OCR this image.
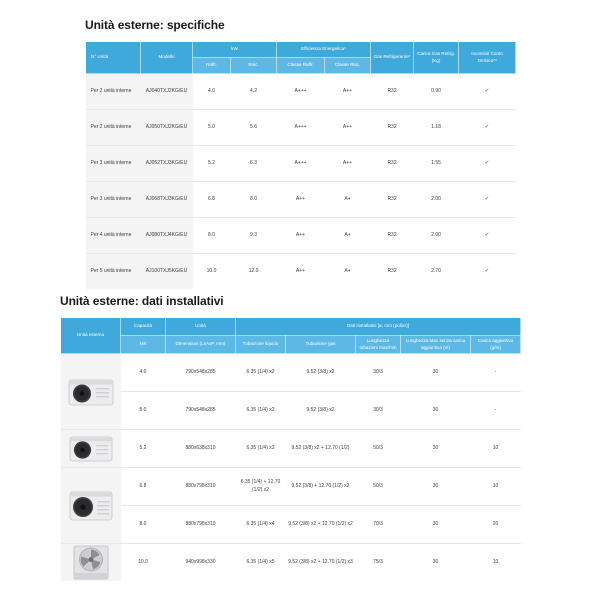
Unità esterne: specifiche
N° Unità	Modello	kW		Efficienza Energetica*		Gas Refrigerante*	Carica Gas Refrig. (Kg)	Incentivi/ Conto Termico**
		Raffr.	Risc.	Classe Raffr.	Classe Risc.			
Per 2 unità interne	AJ040TXJ2KG/EU	4.0	4.2	A+++	A++	R32	0.90	✓
Per 2 unità interne	AJ050TXJ2KG/EU	5.0	5.6	A+++	A++	R32	1.18	✓
Per 3 unità interne	AJ052TXJ3KG/EU	5.2	6.3	A+++	A++	R32	1.55	✓
Per 3 unità interne	AJ068TXJ3KG/EU	6.8	8.0	A++	A+	R32	2.00	✓
Per 4 unità interne	AJ080TXJ4KG/EU	8.0	9.3	A++	A+	R32	2.00	✓
Per 5 unità interne	AJ100TXJ5KG/EU	10.0	12.0	A++	A+	R32	2.70	✓
Unità esterne: dati installativi
Unità esterna	Capacità	Unità	Dati installativi [ø, mm (pollici)]				
	kW	Dimensioni (LxAxP, mm)	Tubazione liquido	Tubazione gas	Lunghezza tubazioni max/min	Lunghezza Max senza carica aggiuntiva (m)	Carica aggiuntiva (g/m)

	4.0	790x548x285	6.35 (1/4) x2	9.52 (3/8) x2	30/3	30	-
	5.0	790x548x285	6.35 (1/4) x2	9.52 (3/8) x2	30/3	30	-

	5.2	880x638x310	6.35 (1/4) x3	9.52 (3/8) x2 + 12.70 (1/2)	50/3	30	10

	6.8	880x798x310	6.35 (1/4) + 12.70 (1/2) x2	9.52 (3/8) + 12.70 (1/2) x2	50/3	30	10
	8.0	880x798x310	6.35 (1/4) x4	9.52 (3/8) x2 + 12.70 (1/2) x2	70/3	30	20

	10.0	940x998x330	6.35 (1/4) x5	9.52 (3/8) x2 + 12.70 (1/2) x3	75/3	30	10
